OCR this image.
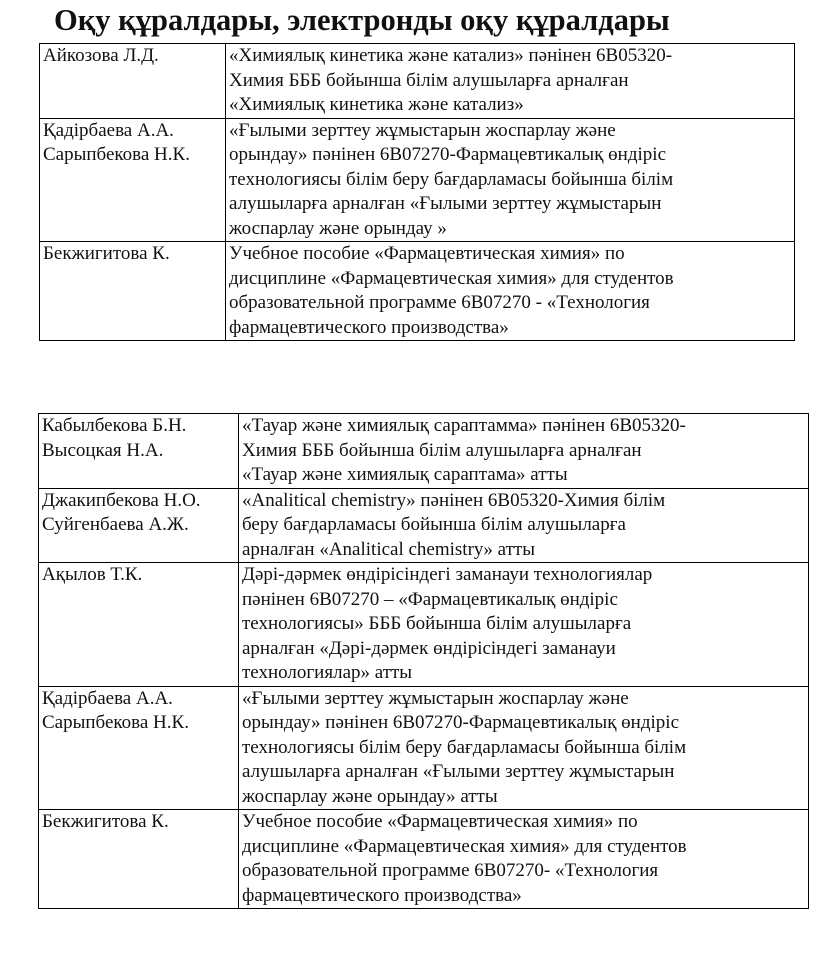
Оқу құралдары, электронды оқу құралдары
Айкозова Л.Д.	«Химиялық кинетика және катализ» пәнінен 6В05320-
Химия БББ бойынша білім алушыларға арналған
«Химиялық кинетика және катализ»

Қадірбаева А.А.
Сарыпбекова Н.К.	«Ғылыми зерттеу жұмыстарын жоспарлау және
орындау» пәнінен 6В07270-Фармацевтикалық өндіріс
технологиясы білім беру бағдарламасы бойынша білім
алушыларға арналған «Ғылыми зерттеу жұмыстарын
жоспарлау және орындау »

Бекжигитова К.	Учебное пособие «Фармацевтическая химия» по
дисциплине «Фармацевтическая химия» для студентов
образовательной программе 6В07270 - «Технология
фармацевтического производства»
Кабылбекова Б.Н.
Высоцкая Н.А.	«Тауар және химиялық сараптамма» пәнінен 6В05320-
Химия БББ бойынша білім алушыларға арналған
«Тауар және химиялық сараптама» атты

Джакипбекова Н.О.
Суйгенбаева А.Ж.	«Analitical chemistry» пәнінен 6В05320-Химия білім
беру бағдарламасы бойынша білім алушыларға
арналған «Analitical chemistry» атты

Ақылов Т.К.	Дәрі-дәрмек өндірісіндегі заманауи технологиялар
пәнінен 6В07270 – «Фармацевтикалық өндіріс
технологиясы» БББ бойынша білім алушыларға
арналған «Дәрі-дәрмек өндірісіндегі заманауи
технологиялар» атты

Қадірбаева А.А.
Сарыпбекова Н.К.	«Ғылыми зерттеу жұмыстарын жоспарлау және
орындау» пәнінен 6В07270-Фармацевтикалық өндіріс
технологиясы білім беру бағдарламасы бойынша білім
алушыларға арналған «Ғылыми зерттеу жұмыстарын
жоспарлау және орындау» атты

Бекжигитова К.	Учебное пособие «Фармацевтическая химия» по
дисциплине «Фармацевтическая химия» для студентов
образовательной программе 6В07270- «Технология
фармацевтического производства»
